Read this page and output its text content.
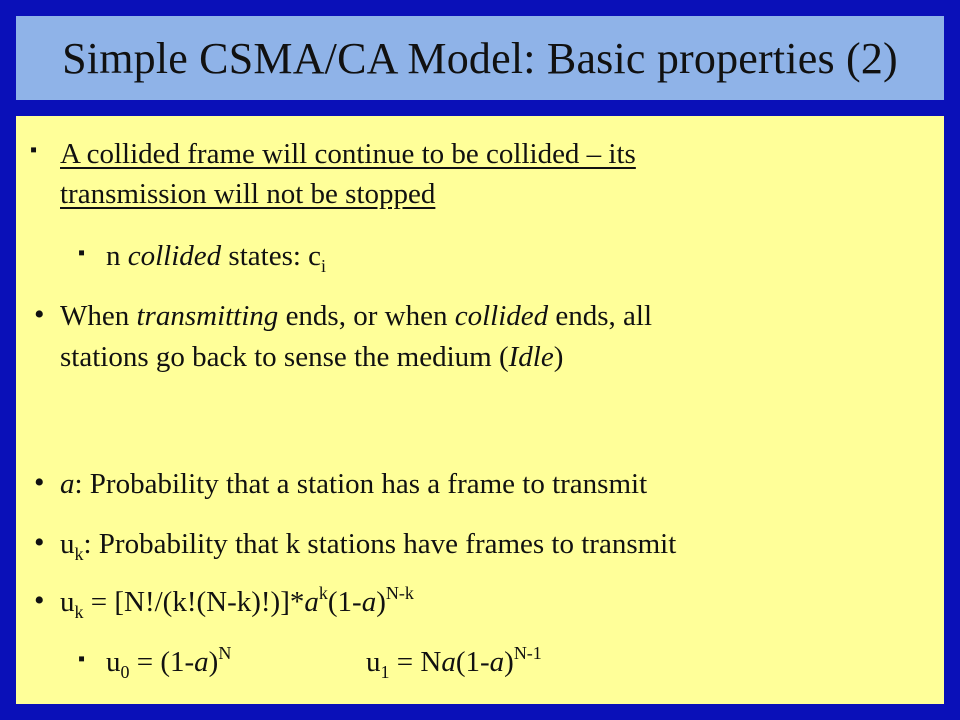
Simple CSMA/CA Model: Basic properties (2)
▪ A collided frame will continue to be collided – its
transmission will not be stopped
▪ n collided states: $c_i$
• When transmitting ends, or when collided ends, all
stations go back to sense the medium (Idle)
• a: Probability that a station has a frame to transmit
• $u_k$: Probability that k stations have frames to transmit
• $u_k = [N!/(k!(N-k)!)]*a^k(1-a)^{N-k}$
▪ $u_0 = (1-a)^N$	$u_1 = Na(1-a)^{N-1}$
